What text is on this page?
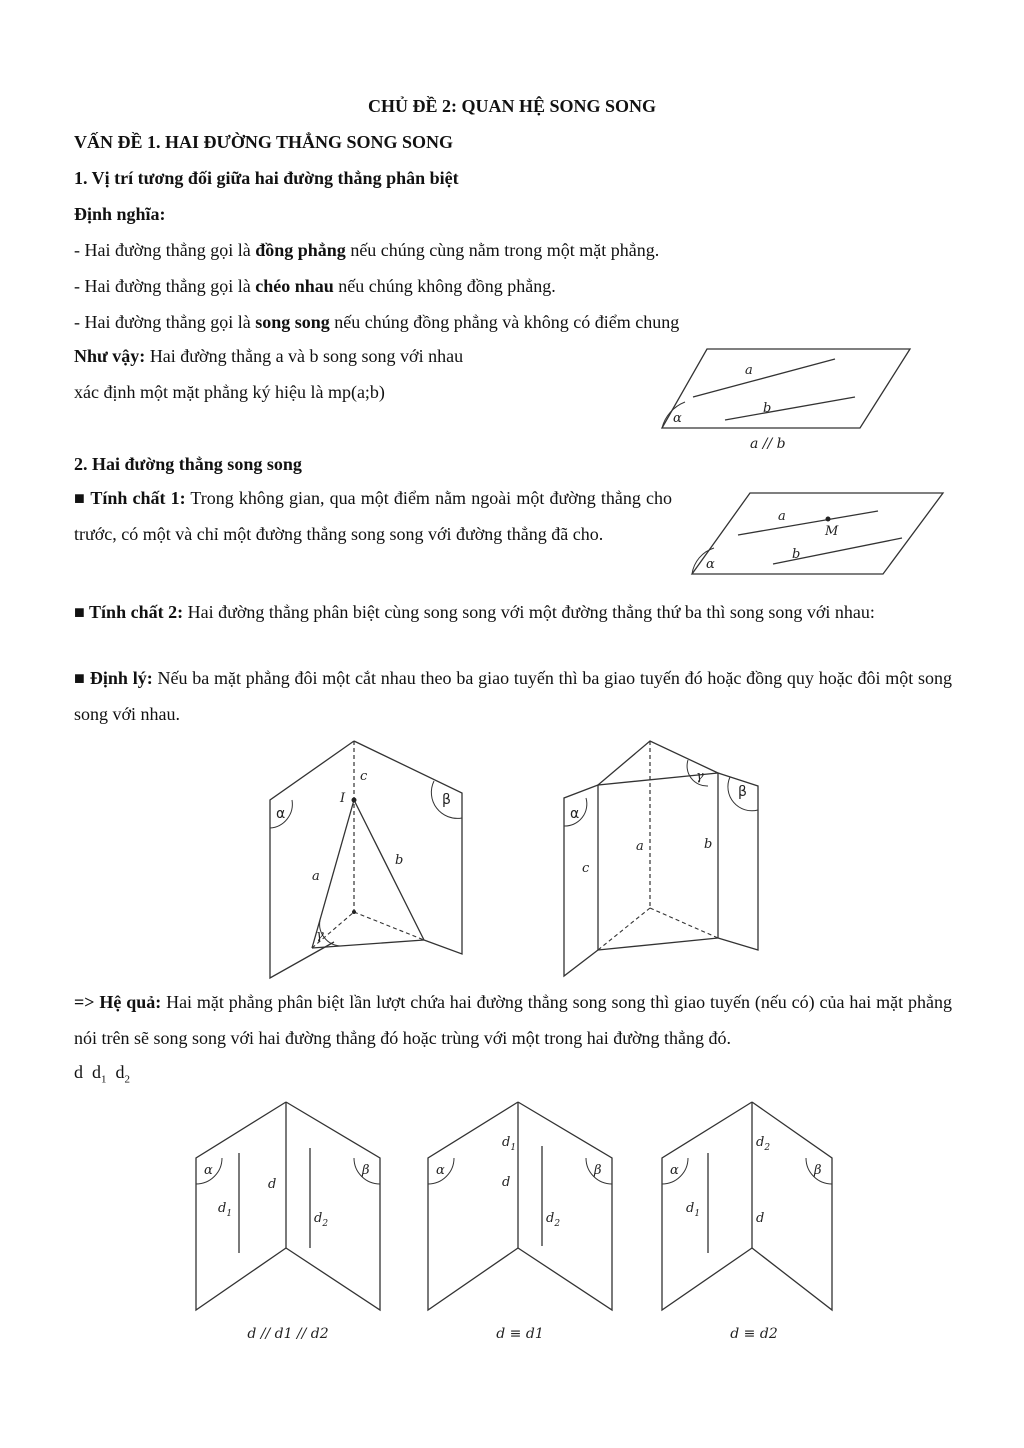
CHỦ ĐỀ 2: QUAN HỆ SONG SONG
VẤN ĐỀ 1. HAI ĐƯỜNG THẲNG SONG SONG
1. Vị trí tương đối giữa hai đường thẳng phân biệt
Định nghĩa:
- Hai đường thẳng gọi là đồng phẳng nếu chúng cùng nằm trong một mặt phẳng.
- Hai đường thẳng gọi là chéo nhau nếu chúng không đồng phẳng.
- Hai đường thẳng gọi là song song nếu chúng đồng phẳng và không có điểm chung
Như vậy: Hai đường thẳng a và b song song với nhau
xác định một mặt phẳng ký hiệu là mp(a;b)
a
b
α
a // b
2. Hai đường thẳng song song
■ Tính chất 1: Trong không gian, qua một điểm nằm ngoài một đường thẳng cho trước, có một và chỉ một đường thẳng song song với đường thẳng đã cho.
a
b
M
α
■ Tính chất 2: Hai đường thẳng phân biệt cùng song song với một đường thẳng thứ ba thì song song với nhau:
■ Định lý: Nếu ba mặt phẳng đôi một cắt nhau theo ba giao tuyến thì ba giao tuyến đó hoặc đồng quy hoặc đôi một song song với nhau.
α
β
γ
I
c
a
b
α
β
γ
a	b
c
=> Hệ quả: Hai mặt phẳng phân biệt lần lượt chứa hai đường thẳng song song thì giao tuyến (nếu có) của hai mặt phẳng nói trên sẽ song song với hai đường thẳng đó hoặc trùng với một trong hai đường thẳng đó.
d $d_1$ $d_2$
α	β
d
$d_1$	$d_2$
d // d1 // d2
α	β
$d_1$
d
$d_2$
d ≡ d1
α	β
$d_2$
$d_1$	d
d ≡ d2
